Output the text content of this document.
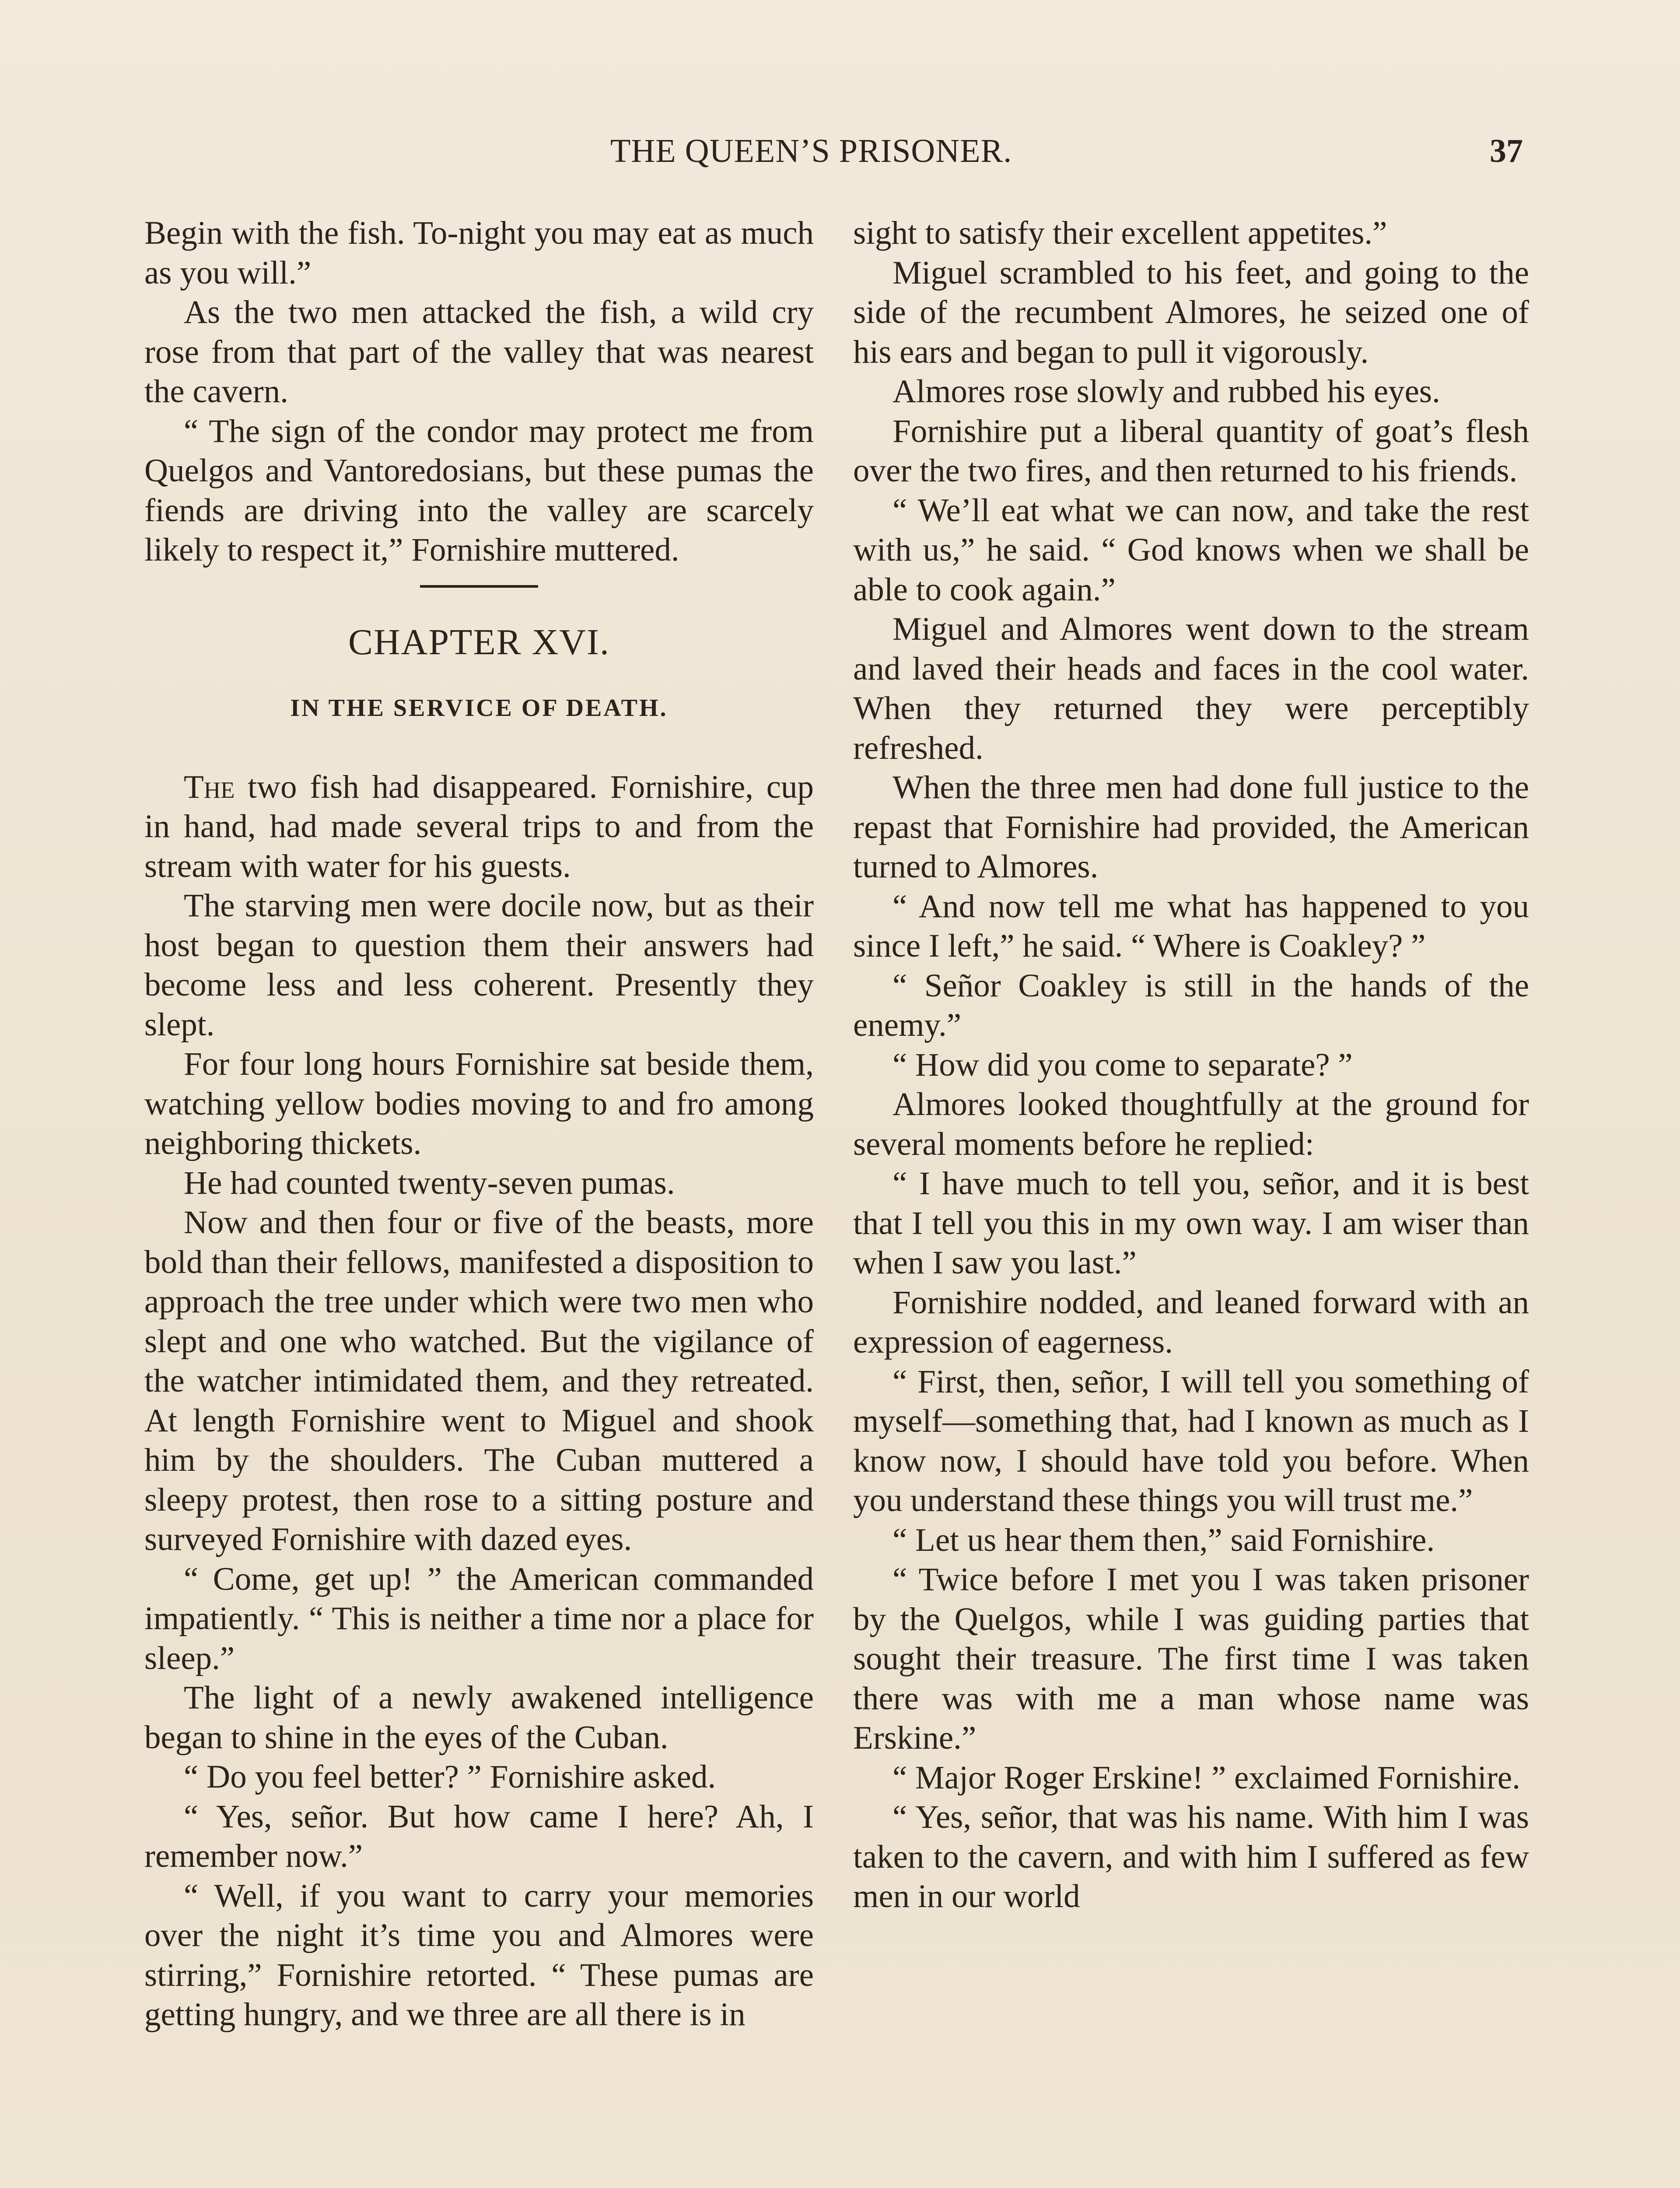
THE QUEEN’S PRISONER.	37

Begin with the fish. To-night you may eat as much as you will.”

As the two men attacked the fish, a wild cry rose from that part of the valley that was nearest the cavern.

“ The sign of the condor may protect me from Quelgos and Vantoredosians, but these pumas the fiends are driving into the valley are scarcely likely to respect it,” Fornishire muttered.

CHAPTER XVI.
IN THE SERVICE OF DEATH.

The two fish had disappeared. Fornishire, cup in hand, had made several trips to and from the stream with water for his guests.

The starving men were docile now, but as their host began to question them their answers had become less and less coherent. Presently they slept.

For four long hours Fornishire sat beside them, watching yellow bodies moving to and fro among neighboring thickets.

He had counted twenty-seven pumas.

Now and then four or five of the beasts, more bold than their fellows, manifested a disposition to approach the tree under which were two men who slept and one who watched. But the vigilance of the watcher intimidated them, and they retreated. At length Fornishire went to Miguel and shook him by the shoulders. The Cuban muttered a sleepy protest, then rose to a sitting posture and surveyed Fornishire with dazed eyes.

“ Come, get up! ” the American commanded impatiently. “ This is neither a time nor a place for sleep.”

The light of a newly awakened intelligence began to shine in the eyes of the Cuban.

“ Do you feel better? ” Fornishire asked.

“ Yes, señor. But how came I here? Ah, I remember now.”

“ Well, if you want to carry your memories over the night it’s time you and Almores were stirring,” Fornishire retorted. “ These pumas are getting hungry, and we three are all there is in

sight to satisfy their excellent appetites.”

Miguel scrambled to his feet, and going to the side of the recumbent Almores, he seized one of his ears and began to pull it vigorously.

Almores rose slowly and rubbed his eyes.

Fornishire put a liberal quantity of goat’s flesh over the two fires, and then returned to his friends.

“ We’ll eat what we can now, and take the rest with us,” he said. “ God knows when we shall be able to cook again.”

Miguel and Almores went down to the stream and laved their heads and faces in the cool water. When they returned they were perceptibly refreshed.

When the three men had done full justice to the repast that Fornishire had provided, the American turned to Almores.

“ And now tell me what has happened to you since I left,” he said. “ Where is Coakley? ”

“ Señor Coakley is still in the hands of the enemy.”

“ How did you come to separate? ”

Almores looked thoughtfully at the ground for several moments before he replied:

“ I have much to tell you, señor, and it is best that I tell you this in my own way. I am wiser than when I saw you last.”

Fornishire nodded, and leaned forward with an expression of eagerness.

“ First, then, señor, I will tell you something of myself—something that, had I known as much as I know now, I should have told you before. When you understand these things you will trust me.”

“ Let us hear them then,” said Fornishire.

“ Twice before I met you I was taken prisoner by the Quelgos, while I was guiding parties that sought their treasure. The first time I was taken there was with me a man whose name was Erskine.”

“ Major Roger Erskine! ” exclaimed Fornishire.

“ Yes, señor, that was his name. With him I was taken to the cavern, and with him I suffered as few men in our world
